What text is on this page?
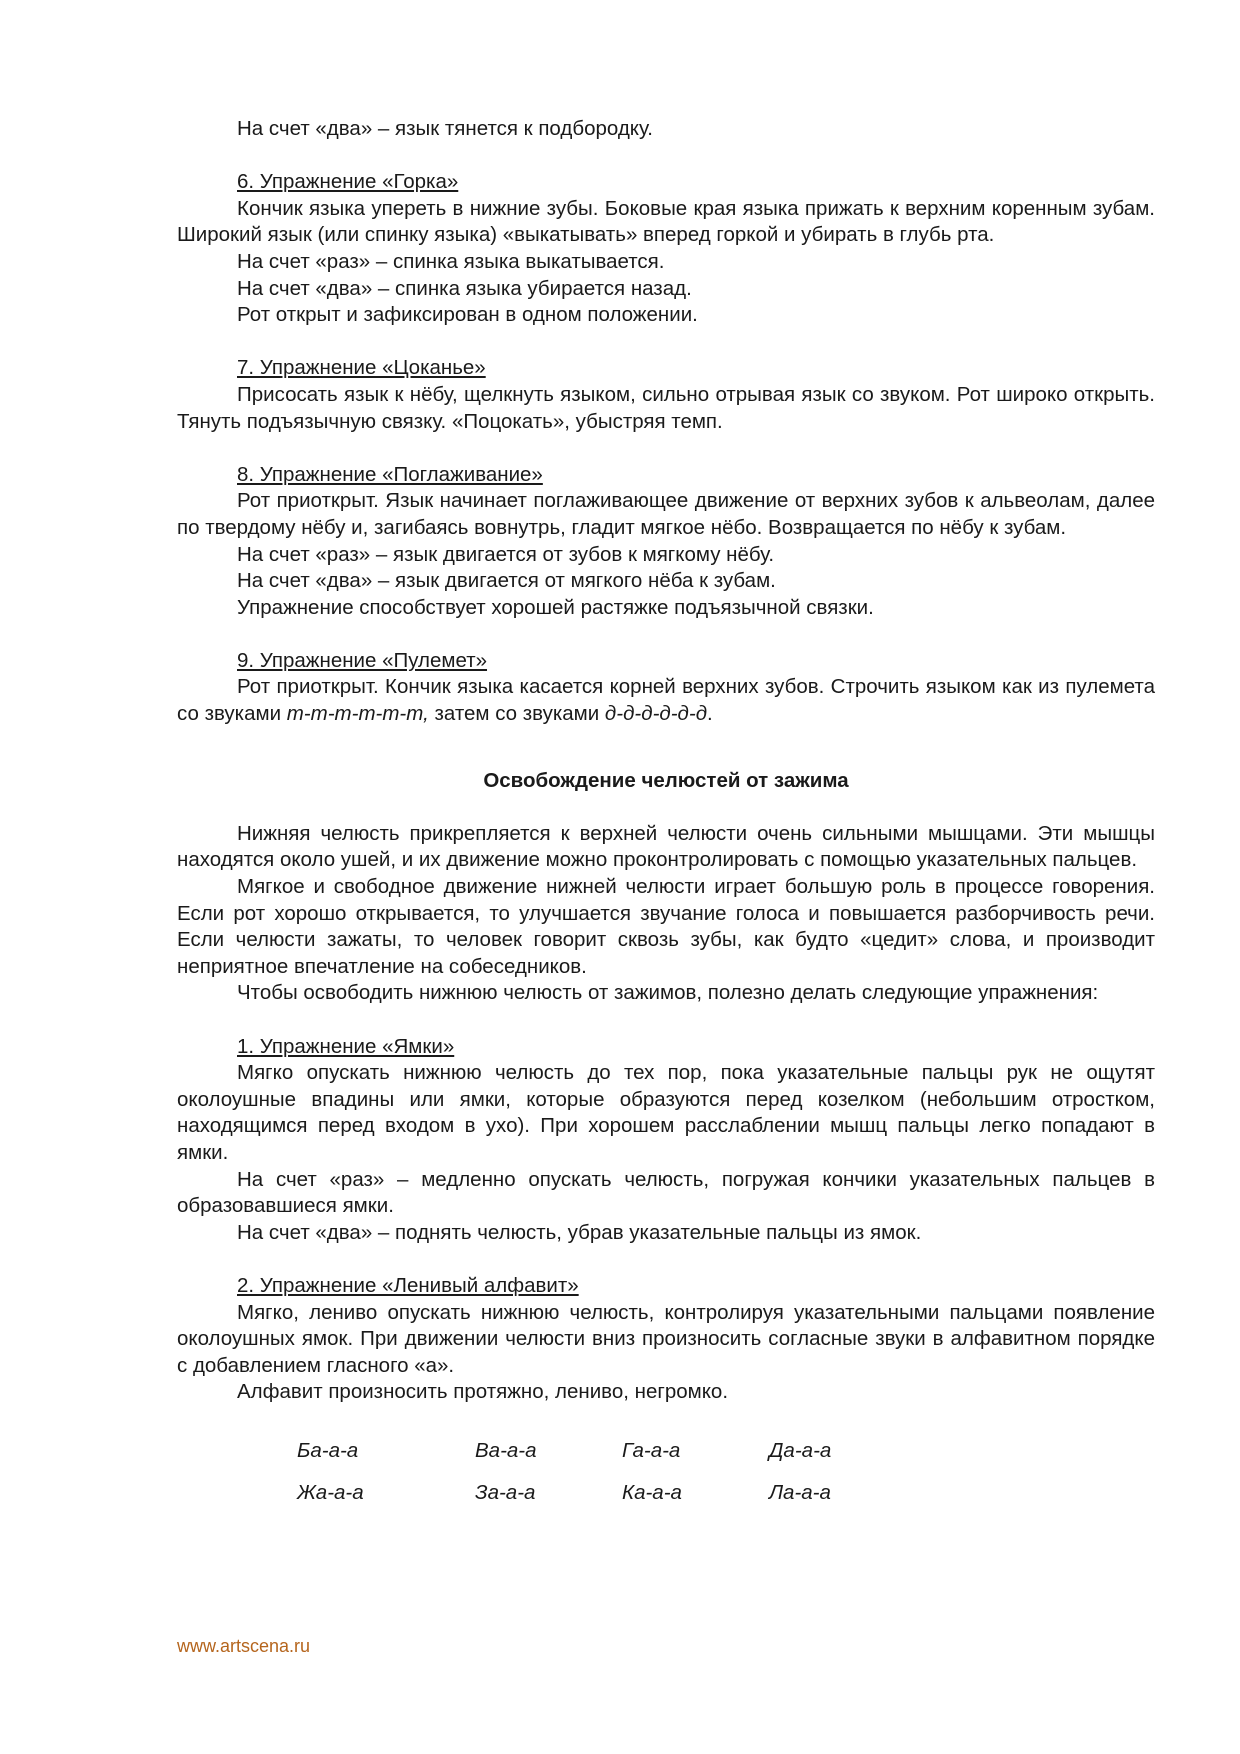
На счет «два» – язык тянется к подбородку.

6. Упражнение «Горка»

Кончик языка упереть в нижние зубы. Боковые края языка прижать к верхним коренным зубам. Широкий язык (или спинку языка) «выкатывать» вперед горкой и убирать в глубь рта.

На счет «раз» – спинка языка выкатывается.

На счет «два» – спинка языка убирается назад.

Рот открыт и зафиксирован в одном положении.

7. Упражнение «Цоканье»

Присосать язык к нёбу, щелкнуть языком, сильно отрывая язык со звуком. Рот широко открыть. Тянуть подъязычную связку. «Поцокать», убыстряя темп.

8. Упражнение «Поглаживание»

Рот приоткрыт. Язык начинает поглаживающее движение от верхних зубов к альвеолам, далее по твердому нёбу и, загибаясь вовнутрь, гладит мягкое нёбо. Возвращается по нёбу к зубам.

На счет «раз» – язык двигается от зубов к мягкому нёбу.

На счет «два» – язык двигается от мягкого нёба к зубам.

Упражнение способствует хорошей растяжке подъязычной связки.

9. Упражнение «Пулемет»

Рот приоткрыт. Кончик языка касается корней верхних зубов. Строчить языком как из пулемета со звуками т-т-т-т-т-т, затем со звуками д-д-д-д-д-д.

Освобождение челюстей от зажима

Нижняя челюсть прикрепляется к верхней челюсти очень сильными мышцами. Эти мышцы находятся около ушей, и их движение можно проконтролировать с помощью указательных пальцев.

Мягкое и свободное движение нижней челюсти играет большую роль в процессе говорения. Если рот хорошо открывается, то улучшается звучание голоса и повышается разборчивость речи. Если челюсти зажаты, то человек говорит сквозь зубы, как будто «цедит» слова, и производит неприятное впечатление на собеседников.

Чтобы освободить нижнюю челюсть от зажимов, полезно делать следующие упражнения:

1. Упражнение «Ямки»

Мягко опускать нижнюю челюсть до тех пор, пока указательные пальцы рук не ощутят околоушные впадины или ямки, которые образуются перед козелком (небольшим отростком, находящимся перед входом в ухо). При хорошем расслаблении мышц пальцы легко попадают в ямки.

На счет «раз» – медленно опускать челюсть, погружая кончики указательных пальцев в образовавшиеся ямки.

На счет «два» – поднять челюсть, убрав указательные пальцы из ямок.

2. Упражнение «Ленивый алфавит»

Мягко, лениво опускать нижнюю челюсть, контролируя указательными пальцами появление околоушных ямок. При движении челюсти вниз произносить согласные звуки в алфавитном порядке с добавлением гласного «а».

Алфавит произносить протяжно, лениво, негромко.

Ба-а-а	Ва-а-а	Га-а-а	Да-а-а
Жа-а-а	За-а-а	Ка-а-а	Ла-а-а
www.artscena.ru
